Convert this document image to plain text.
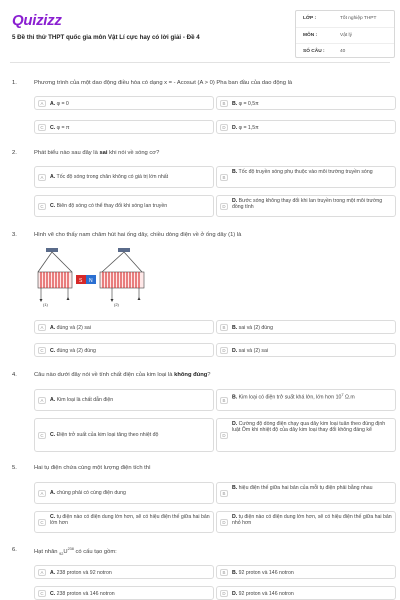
Quizizz
5 Đề thi thử THPT quốc gia môn Vật Lí cực hay có lời giải - Đề 4
LỚP :	Tốt nghiệp THPT
MÔN :	Vật lý
SỐ CÂU :	40
1.	Phương trình của một dao động điều hòa có dạng x = - Acosωt (A > 0) Pha ban đầu của dao động là
A	A. φ = 0	B	B. φ = 0,5π
C	C. φ = π	D	D. φ = 1,5π
2.	Phát biểu nào sau đây là sai khi nói về sóng cơ?
A	A. Tốc độ sóng trong chân không có giá trị lớn nhất	B
B. Tốc độ truyền sóng phụ thuộc vào môi trường truyền sóng
C	C. Biên độ sóng có thể thay đổi khi sóng lan truyền	D
D. Bước sóng không thay đổi khi lan truyền trong một môi trường đồng tính
3.	Hình vẽ cho thấy nam châm hút hai ống dây, chiều dòng điện về ở ống dây (1) là
(1)
S N
(2)
A	A. đúng và (2) sai	B	B. sai và (2) đúng
C	C. đúng và (2) đúng	D	D. sai và (2) sai
4.	Câu nào dưới đây nói về tính chất điện của kim loại là không đúng?
A	A. Kim loại là chất dẫn điện	B	B. Kim loại có điện trở suất khá lớn, lớn hơn $10^7$ Ω.m
C	C. Điện trở suất của kim loại tăng theo nhiệt độ	D
D. Cường độ dòng điện chạy qua dây kim loại tuân theo đúng định luật Ôm khi nhiệt độ của dây kim loại thay đổi không đáng kể
5.	Hai tụ điện chứa cùng một lượng điện tích thì
A	A. chúng phải có cùng điện dung	B
B. hiệu điện thế giữa hai bản của mỗi tụ điện phải bằng nhau
C
C. tụ điện nào có điện dung lớn hơn, sẽ có hiệu điện thế giữa hai bản lớn hơn	D
D. tụ điện nào có điện dung lớn hơn, sẽ có hiệu điện thế giữa hai bản nhỏ hơn
6.	Hạt nhân $_{92}U^{238}$ có cấu tạo gồm:
A	A. 238 proton và 92 notron	B	B. 92 proton và 146 notron
C	C. 238 proton và 146 notron	D	D. 92 proton và 146 notron
